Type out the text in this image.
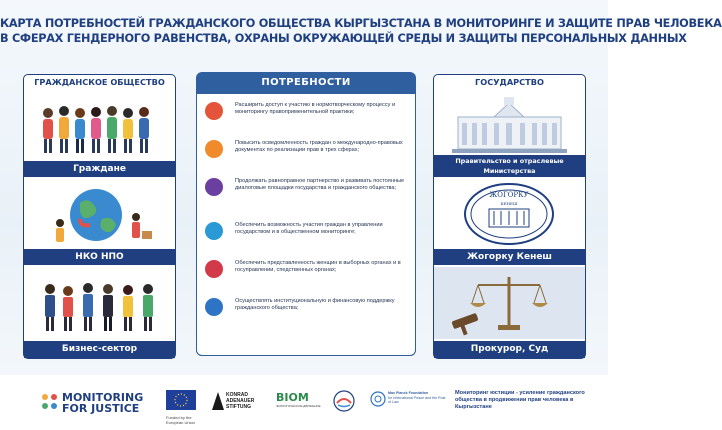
КАРТА ПОТРЕБНОСТЕЙ ГРАЖДАНСКОГО ОБЩЕСТВА КЫРГЫЗСТАНА В МОНИТОРИНГЕ И ЗАЩИТЕ ПРАВ ЧЕЛОВЕКА
В СФЕРАХ ГЕНДЕРНОГО РАВЕНСТВА, ОХРАНЫ ОКРУЖАЮЩЕЙ СРЕДЫ И ЗАЩИТЫ ПЕРСОНАЛЬНЫХ ДАННЫХ
ГРАЖДАНСКОЕ ОБЩЕСТВО
Граждане
НКО НПО
Бизнес-сектор
ПОТРЕБНОСТИ
Расширить доступ к участию в нормотворческому процессу и мониторингу правоприменительной практики;
Повысить осведомленность граждан о международно-правовых документах по реализации прав в трех сферах;
Продолжать равноправное партнерство и развивать постоянные диалоговые площадки государства и гражданского общества;
Обеспечить возможность участия граждан в управлении государством и в общественном мониторинге;
Обеспечить представленность женщин в выборных органах и в госуправлении, спедственных органах;
Осуществлять институциональную и финансовую поддержку гражданского общества;
ГОСУДАРСТВО
Правительство и отраслевые Министерства
ЖОГОРКУ
КЕНЕШ
Жогорку Кенеш
Прокурор, Суд
MONITORING
FOR JUSTICE
Funded by the European Union
KONRAD
ADENAUER
STIFTUNG
BIOM
ЭКОЛОГИЧЕСКОЕ ДВИЖЕНИЕ
Max Planck Foundation
for International Peace and the Rule of Law
Мониторинг юстиции - усиление гражданского общества в продвижении прав человека в Кыргызстане
